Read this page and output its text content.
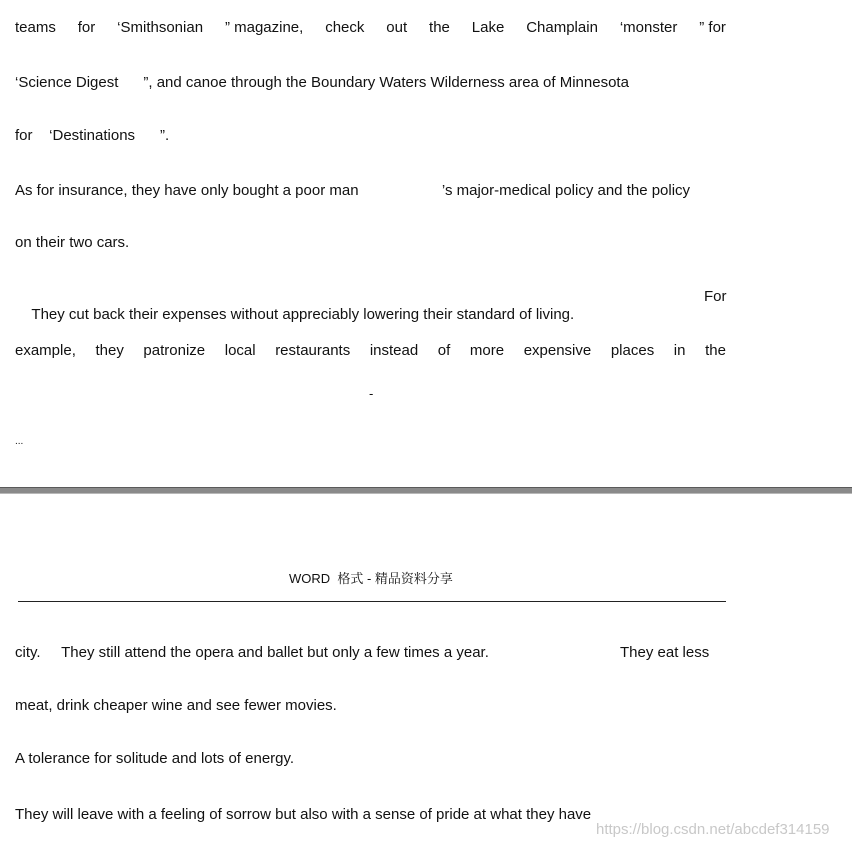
teams for ‘Smithsonian ” magazine, check out the Lake Champlain ‘monster ” for
‘Science Digest      ”, and canoe through the Boundary Waters Wilderness area of Minnesota
for    ‘Destinations      ”.
As for insurance, they have only bought a poor man                    ’s major-medical policy and the policy
on their two cars.

They cut back their expenses without appreciably lowering their standard of living.

For
example, they patronize local restaurants instead of more expensive places in the
-
...
WORD  格式 - 精品资料分享
city.     They still attend the opera and ballet but only a few times a year.	They eat less
meat, drink cheaper wine and see fewer movies.
A tolerance for solitude and lots of energy.
They will leave with a feeling of sorrow but also with a sense of pride at what they have
https://blog.csdn.net/abcdef314159
